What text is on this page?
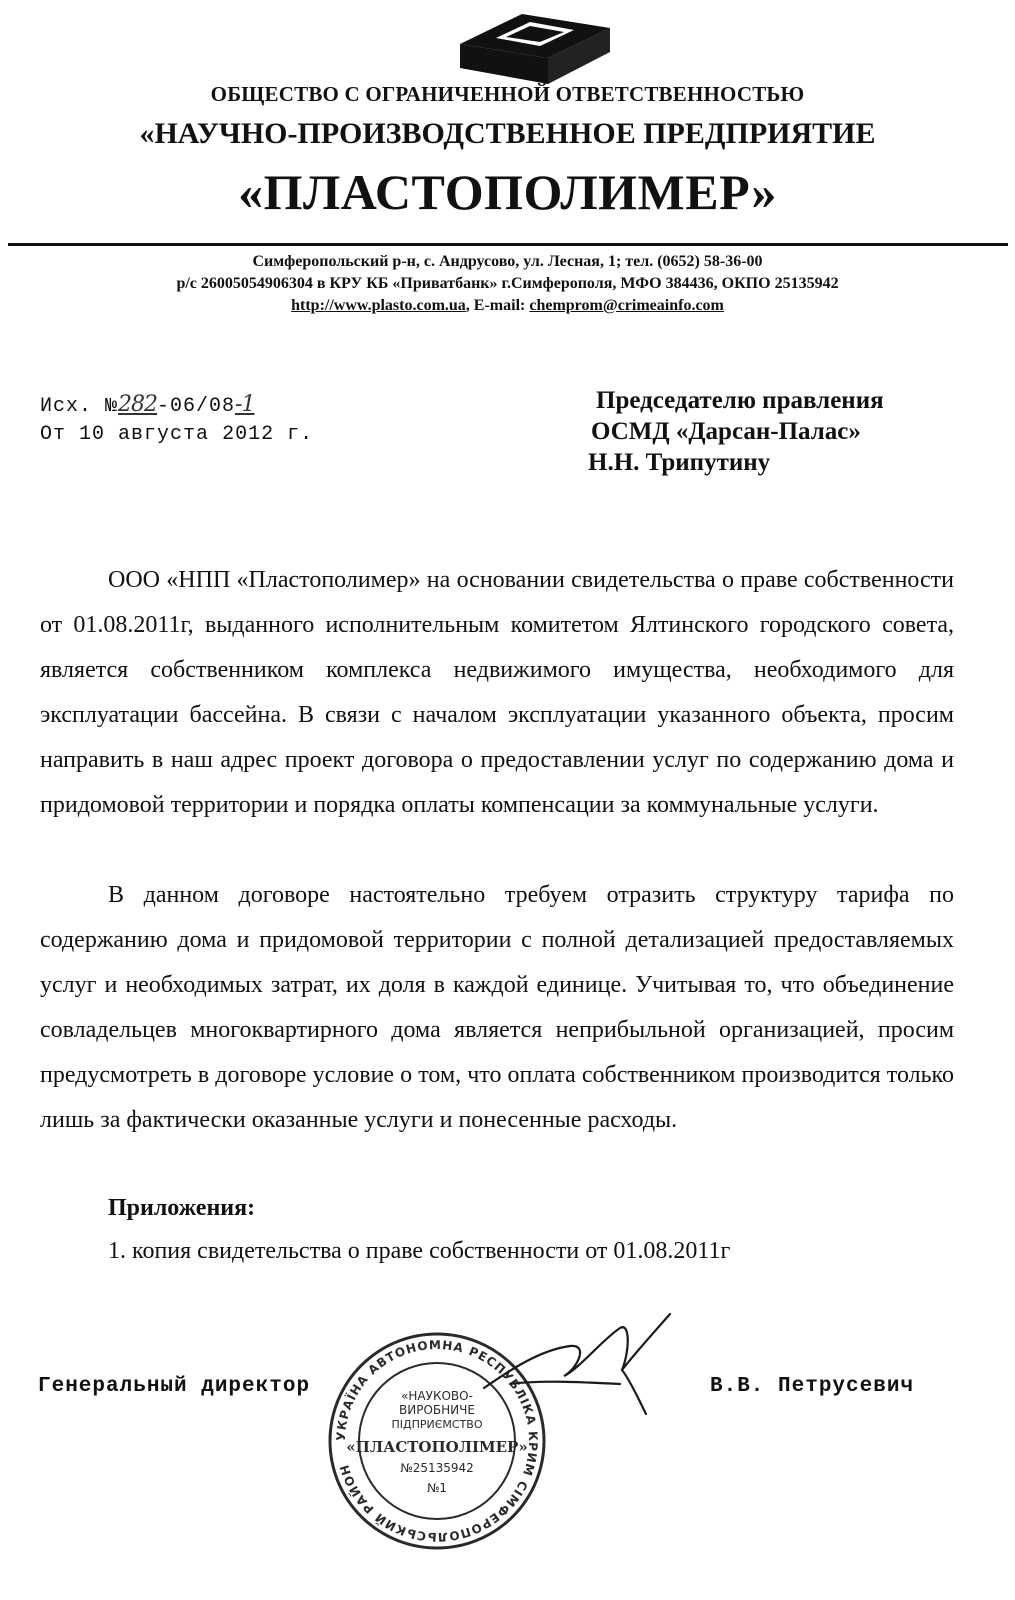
ОБЩЕСТВО С ОГРАНИЧЕННОЙ ОТВЕТСТВЕННОСТЬЮ
«НАУЧНО-ПРОИЗВОДСТВЕННОЕ ПРЕДПРИЯТИЕ
«ПЛАСТОПОЛИМЕР»
Симферопольский р-н, с. Андрусово, ул. Лесная, 1; тел. (0652) 58-36-00
р/с 26005054906304 в КРУ КБ «Приватбанк» г.Симферополя, МФО 384436, ОКПО 25135942
http://www.plasto.com.ua, E-mail: chemprom@crimeainfo.com
Исх. №282-06/08-1
От 10 августа 2012 г.
Председателю правления
ОСМД «Дарсан-Палас»
Н.Н. Трипутину
ООО «НПП «Пластополимер» на основании свидетельства о праве собственности от 01.08.2011г, выданного исполнительным комитетом Ялтинского городского совета, является собственником комплекса недвижимого имущества, необходимого для эксплуатации бассейна. В связи с началом эксплуатации указанного объекта, просим направить в наш адрес проект договора о предоставлении услуг по содержанию дома и придомовой территории и порядка оплаты компенсации за коммунальные услуги.
В данном договоре настоятельно требуем отразить структуру тарифа по содержанию дома и придомовой территории с полной детализацией предоставляемых услуг и необходимых затрат, их доля в каждой единице. Учитывая то, что объединение совладельцев многоквартирного дома является неприбыльной организацией, просим предусмотреть в договоре условие о том, что оплата собственником производится только лишь за фактически оказанные услуги и понесенные расходы.
Приложения:
1. копия свидетельства о праве собственности от 01.08.2011г
Генеральный директор	В.В. Петрусевич
УКРАЇНА АВТОНОМНА РЕСПУБЛІКА КРИМ СІМФЕРОПОЛЬСЬКИЙ РАЙОН
«НАУКОВО-
ВИРОБНИЧЕ
ПІДПРИЄМСТВО
«ПЛАСТОПОЛІМЕР»
№25135942
№1
